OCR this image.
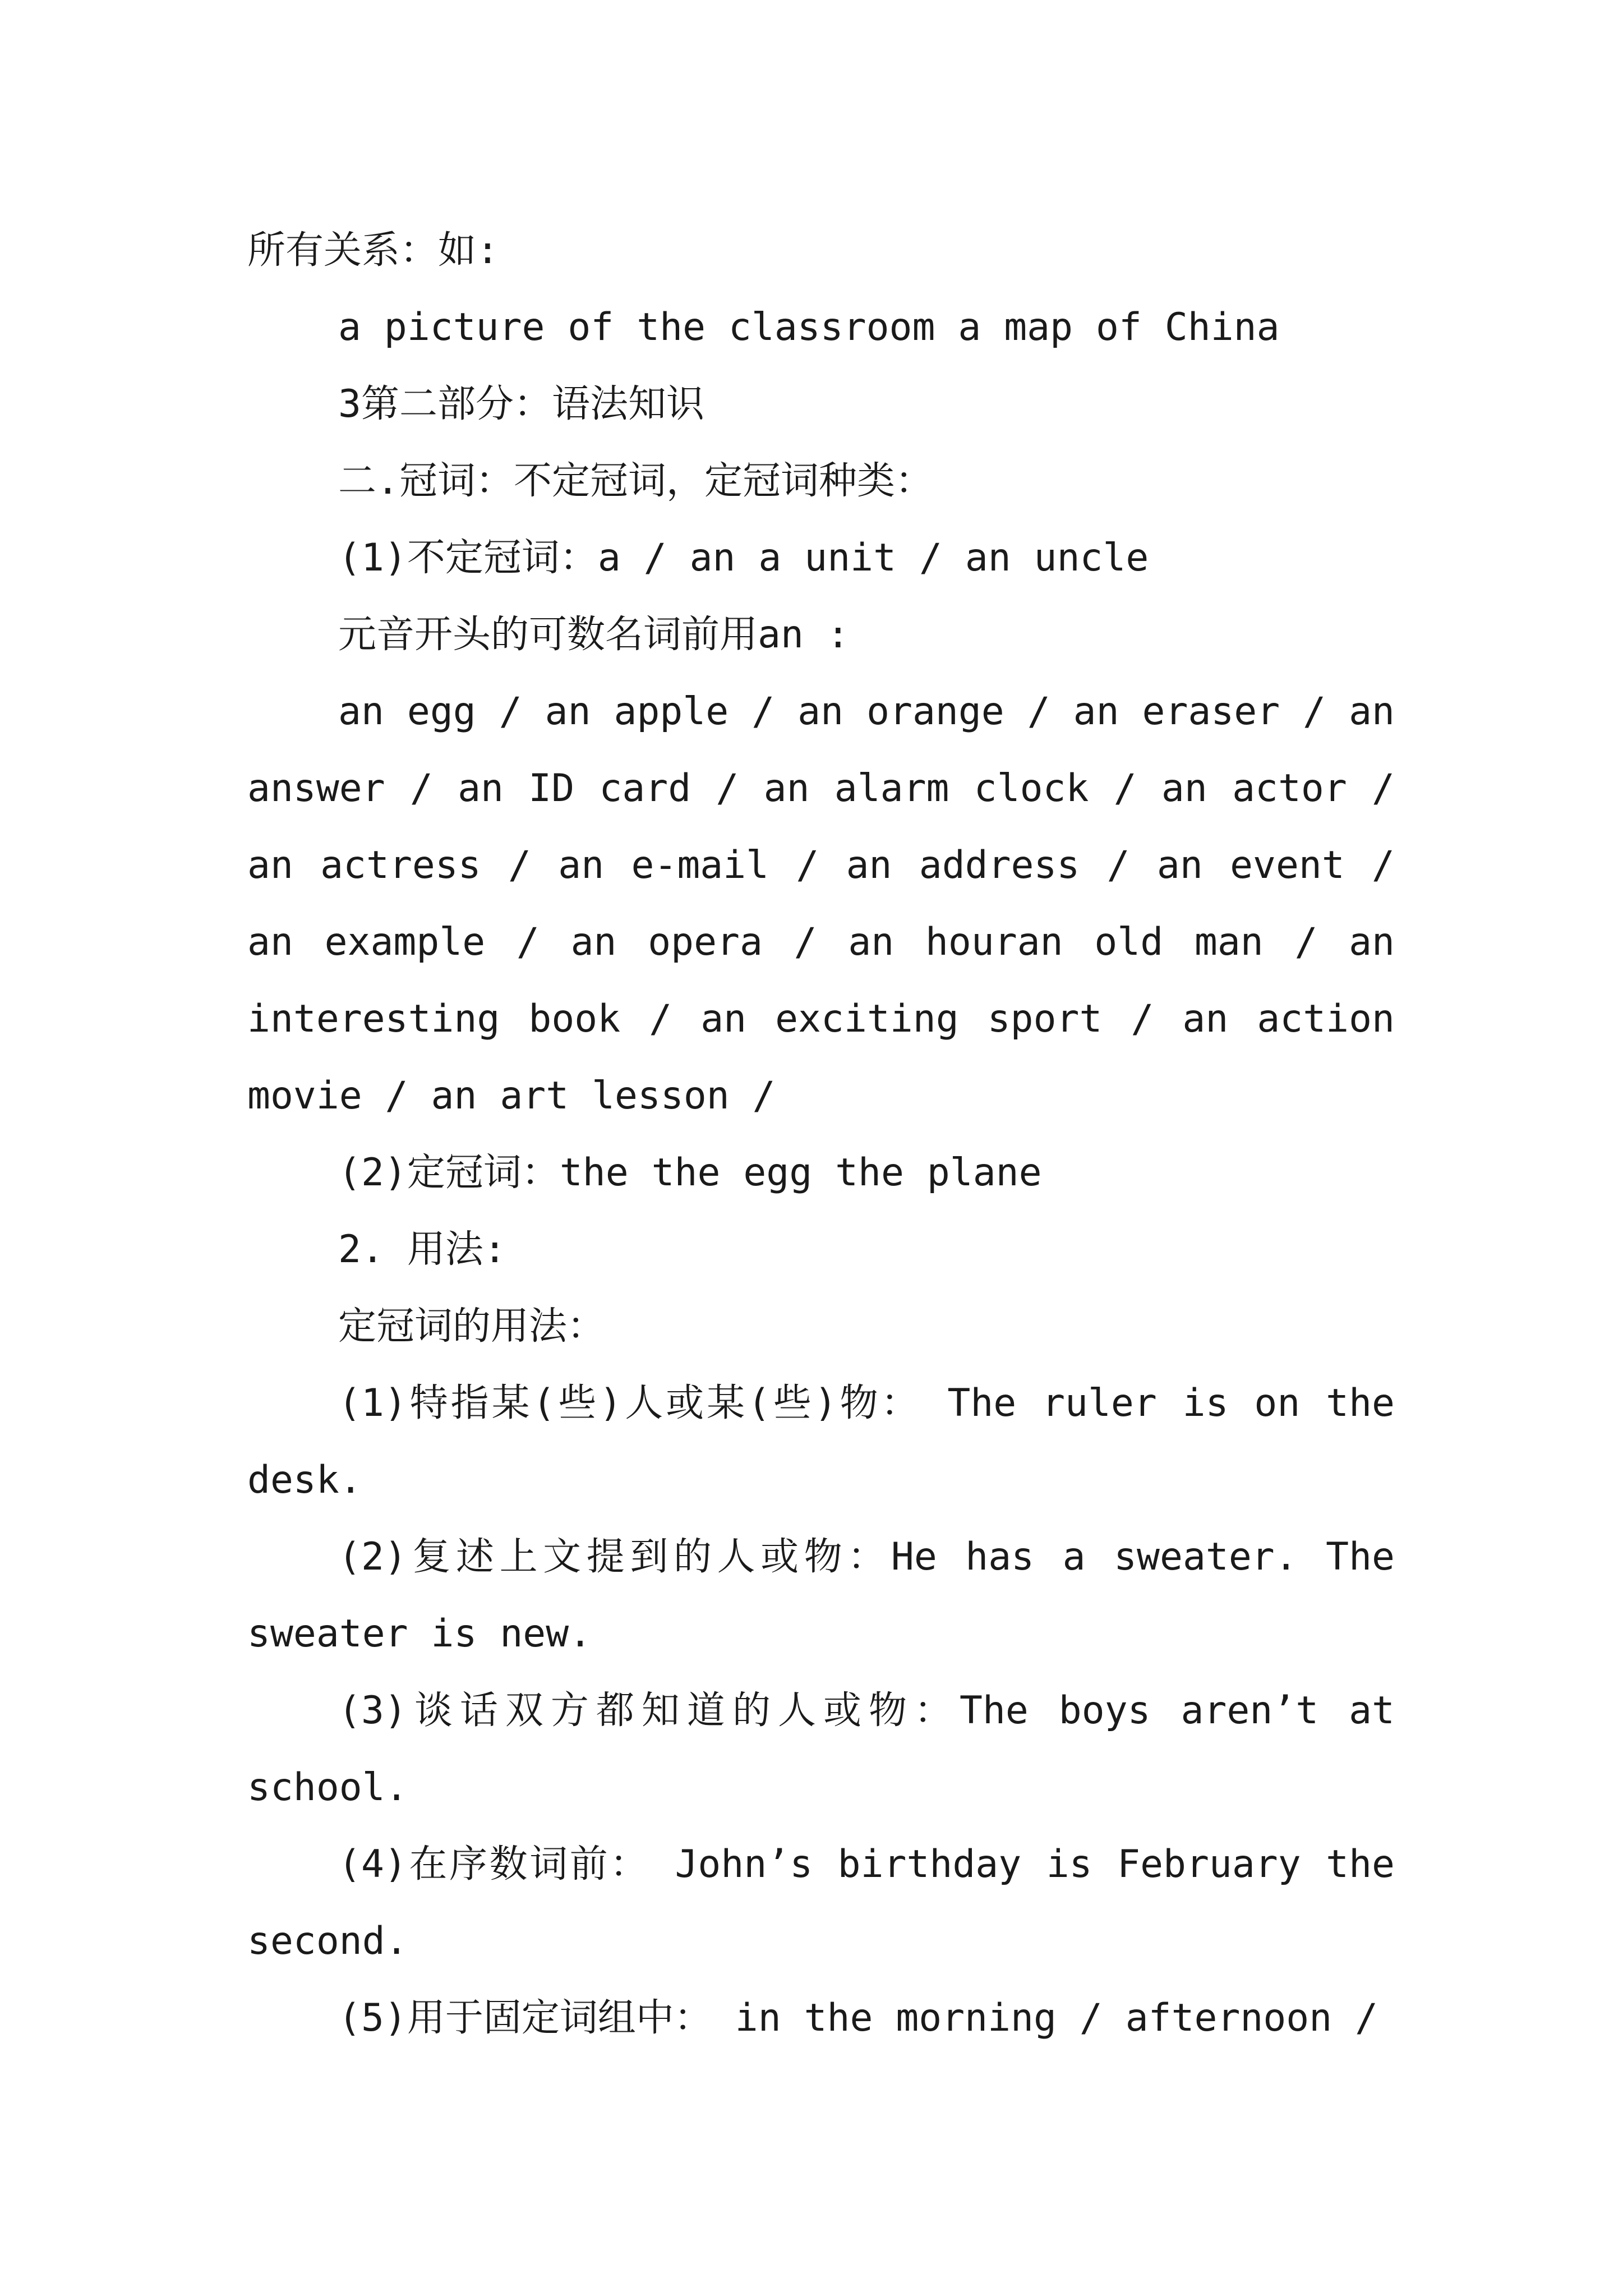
所有关系：如:

a picture of the classroom a map of China

3第二部分：语法知识

二.冠词：不定冠词，定冠词种类：

(1)不定冠词：a / an a unit / an uncle

元音开头的可数名词前用an :

an egg / an apple / an orange / an eraser / an answer / an ID card / an alarm clock / an actor / an actress / an e-mail / an address / an event / an example / an opera / an houran old man / an interesting book / an exciting sport / an action movie / an art lesson /

(2)定冠词：the the egg the plane

2. 用法:

定冠词的用法：

(1)特指某(些)人或某(些)物： The ruler is on the desk.

(2)复述上文提到的人或物：He has a sweater. The sweater is new.

(3)谈话双方都知道的人或物：The boys aren’t at school.

(4)在序数词前： John’s birthday is February the second.

(5)用于固定词组中： in the morning / afternoon /
